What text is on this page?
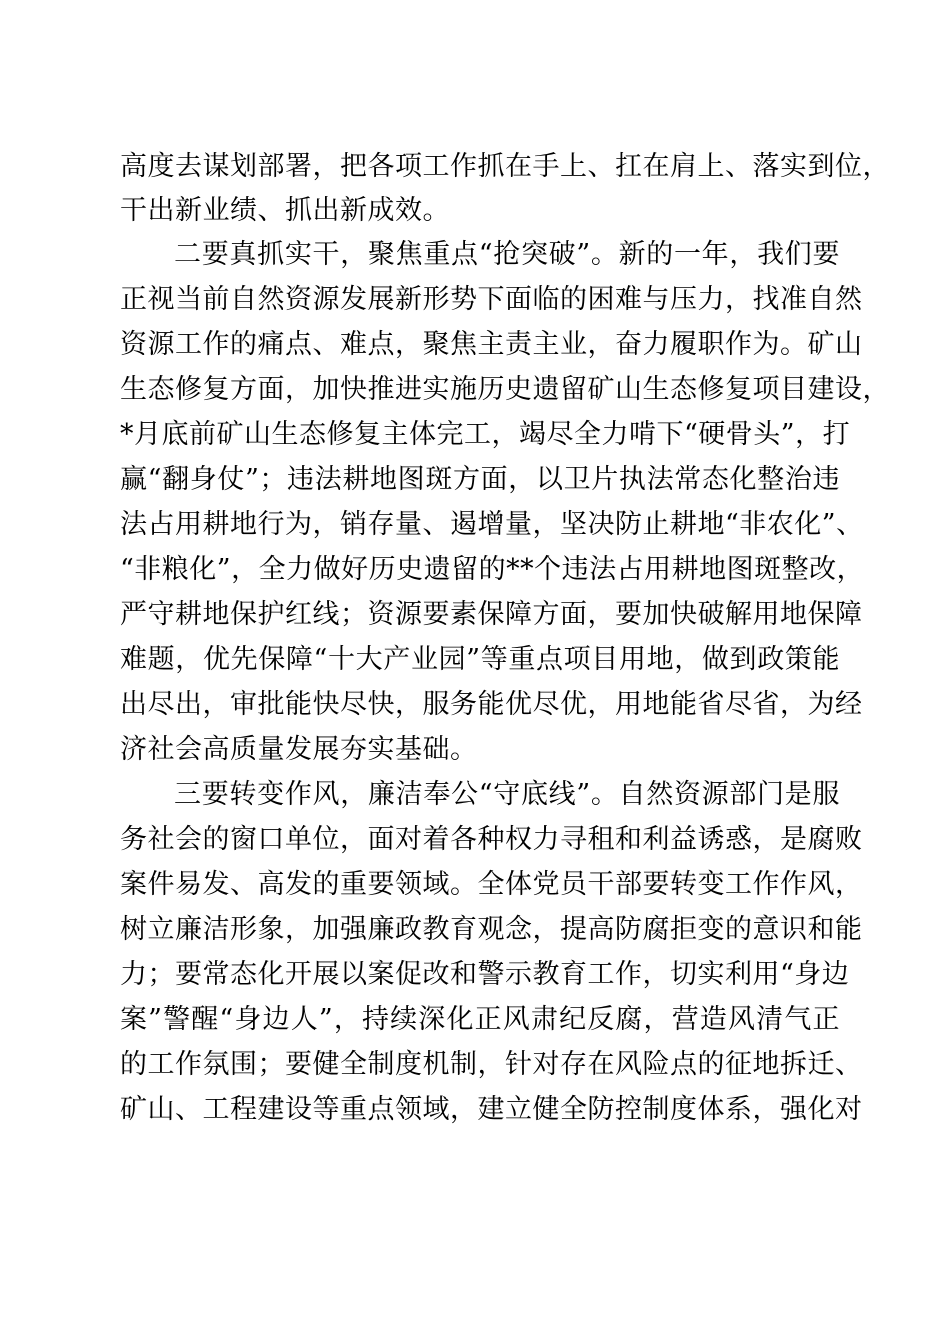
高度去谋划部署，把各项工作抓在手上、扛在肩上、落实到位，
干出新业绩、抓出新成效。
二要真抓实干，聚焦重点“抢突破”。新的一年，我们要
正视当前自然资源发展新形势下面临的困难与压力，找准自然
资源工作的痛点、难点，聚焦主责主业，奋力履职作为。矿山
生态修复方面，加快推进实施历史遗留矿山生态修复项目建设，
*月底前矿山生态修复主体完工，竭尽全力啃下“硬骨头”，打
赢“翻身仗”；违法耕地图斑方面，以卫片执法常态化整治违
法占用耕地行为，销存量、遏增量，坚决防止耕地“非农化”、
“非粮化”，全力做好历史遗留的**个违法占用耕地图斑整改，
严守耕地保护红线；资源要素保障方面，要加快破解用地保障
难题，优先保障“十大产业园”等重点项目用地，做到政策能
出尽出，审批能快尽快，服务能优尽优，用地能省尽省，为经
济社会高质量发展夯实基础。
三要转变作风，廉洁奉公“守底线”。自然资源部门是服
务社会的窗口单位，面对着各种权力寻租和利益诱惑，是腐败
案件易发、高发的重要领域。全体党员干部要转变工作作风，
树立廉洁形象，加强廉政教育观念，提高防腐拒变的意识和能
力；要常态化开展以案促改和警示教育工作，切实利用“身边
案”警醒“身边人”，持续深化正风肃纪反腐，营造风清气正
的工作氛围；要健全制度机制，针对存在风险点的征地拆迁、
矿山、工程建设等重点领域，建立健全防控制度体系，强化对
